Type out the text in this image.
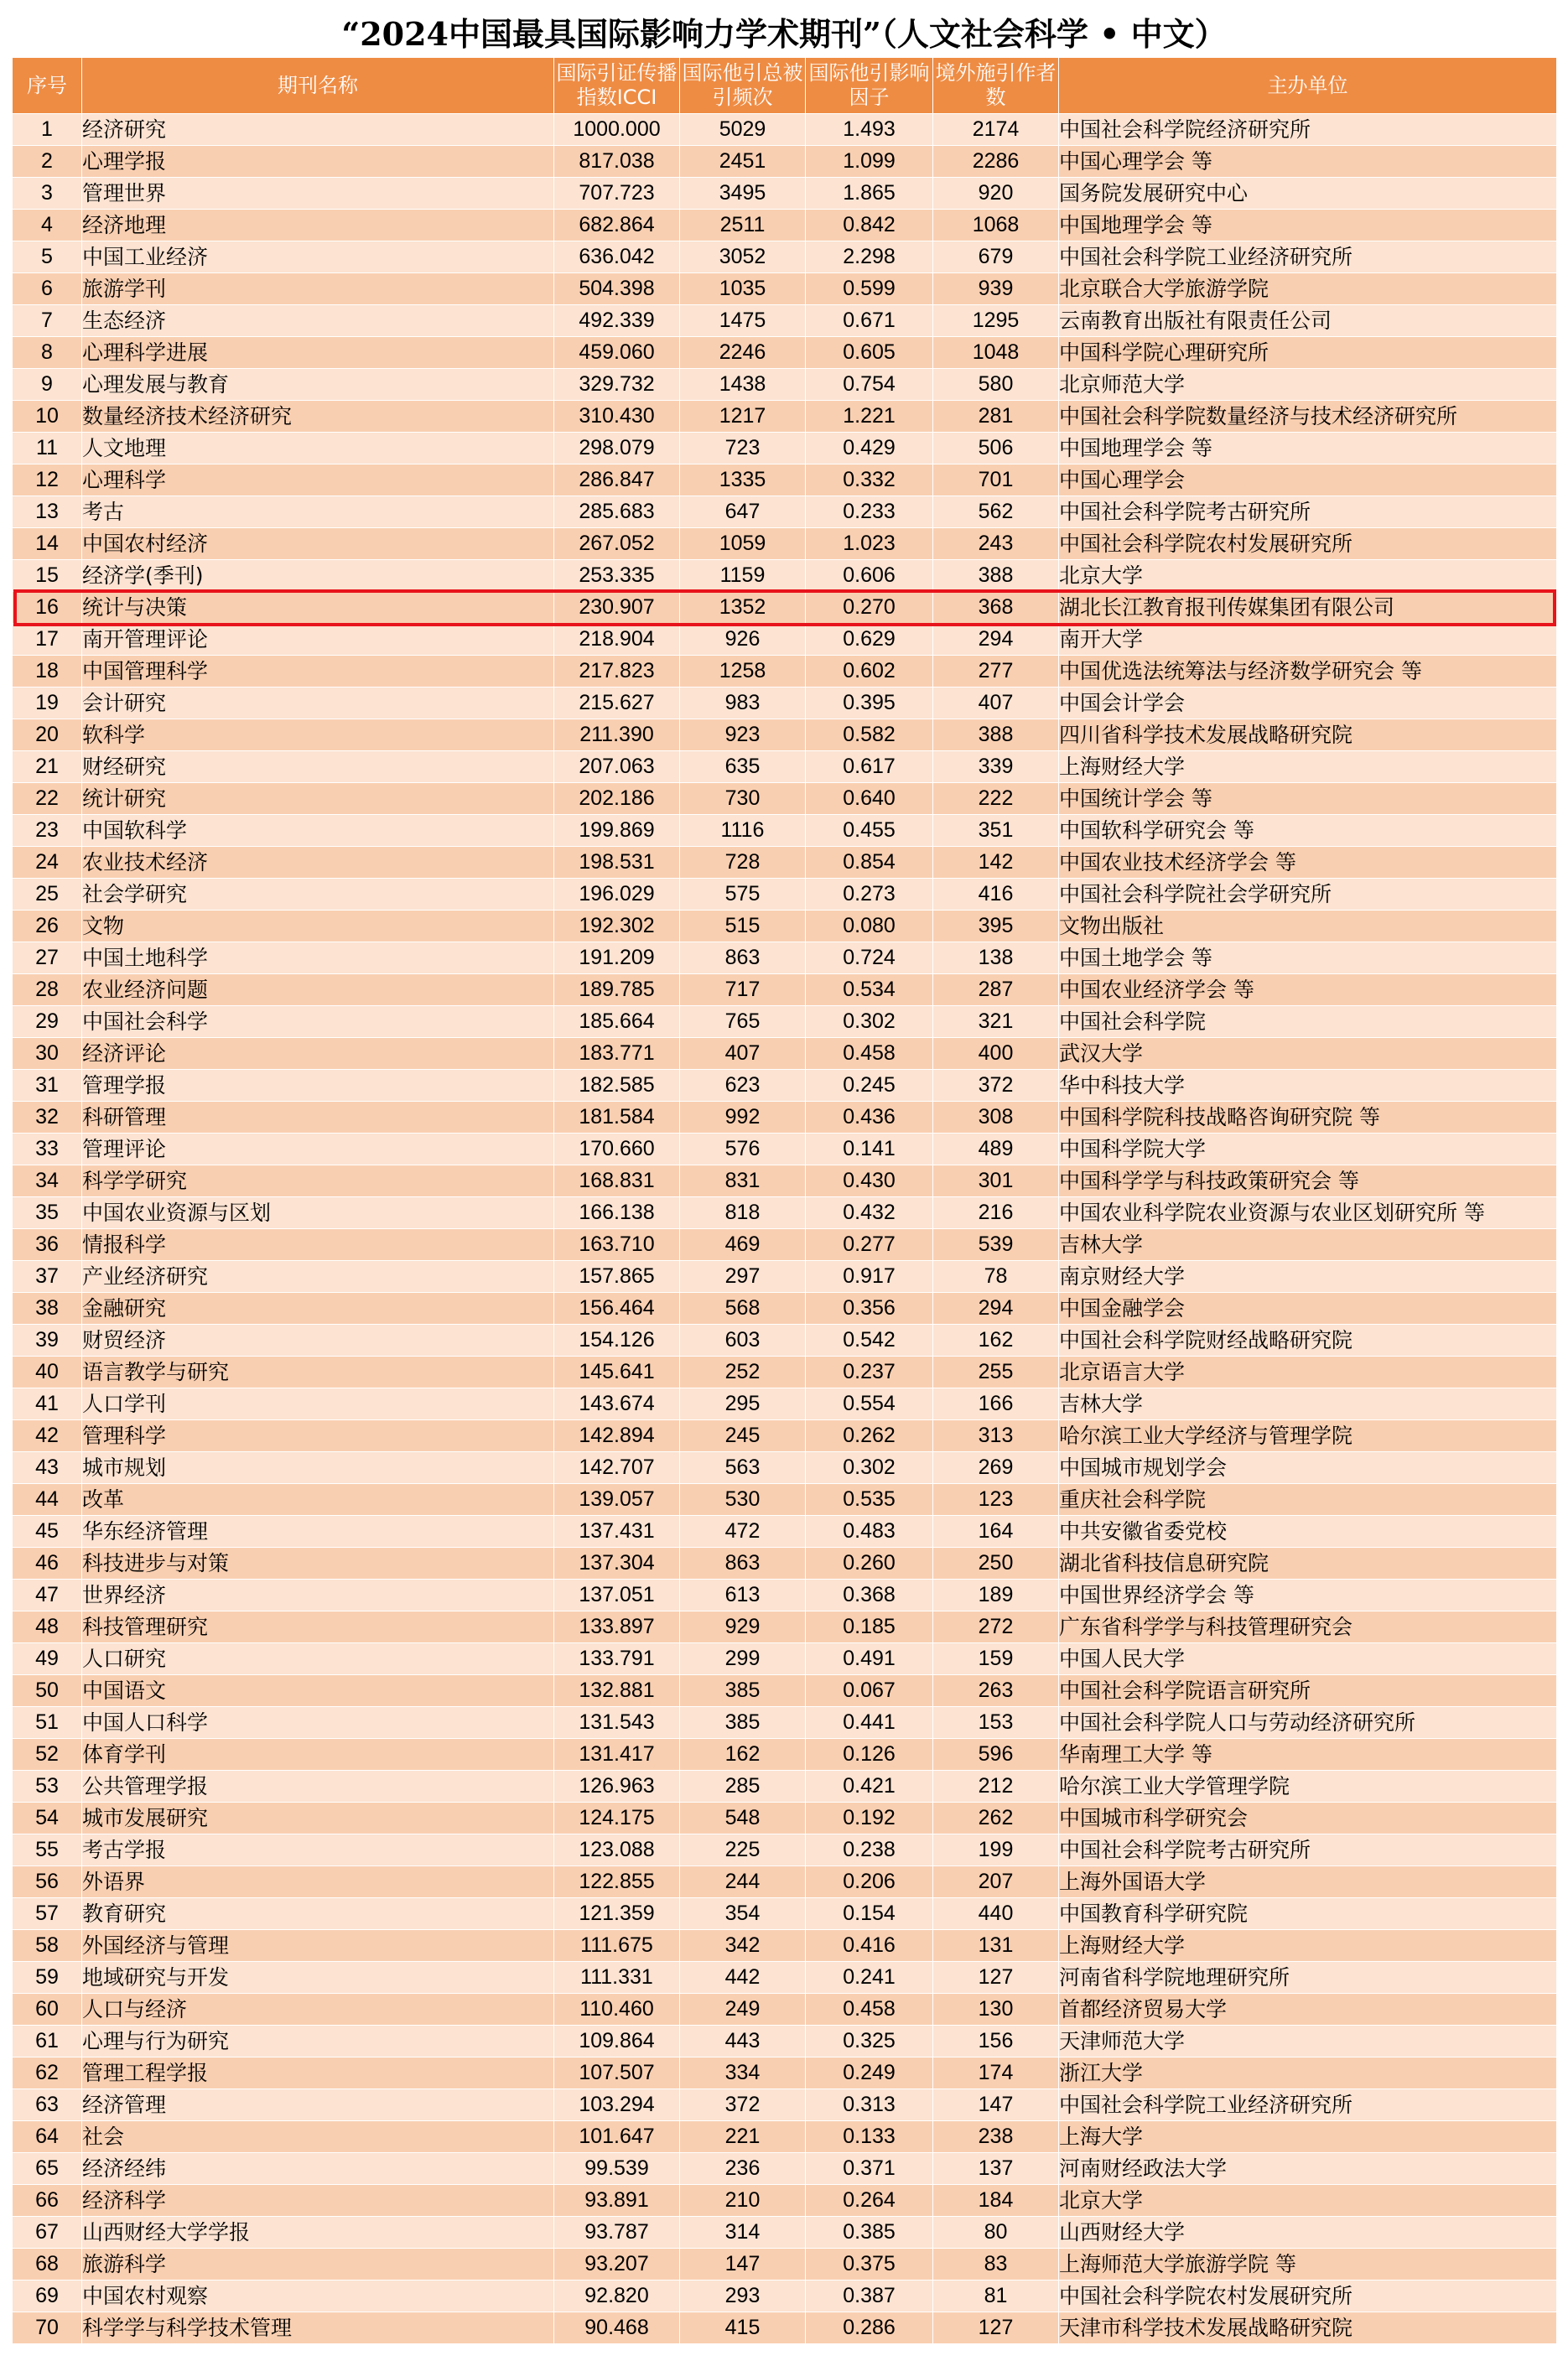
“2024中国最具国际影响力学术期刊”（人文社会科学 • 中文）
序号	期刊名称	国际引证传播指数ICCI	国际他引总被引频次	国际他引影响因子	境外施引作者数	主办单位
1	经济研究	1000.000	5029	1.493	2174	中国社会科学院经济研究所
2	心理学报	817.038	2451	1.099	2286	中国心理学会 等
3	管理世界	707.723	3495	1.865	920	国务院发展研究中心
4	经济地理	682.864	2511	0.842	1068	中国地理学会 等
5	中国工业经济	636.042	3052	2.298	679	中国社会科学院工业经济研究所
6	旅游学刊	504.398	1035	0.599	939	北京联合大学旅游学院
7	生态经济	492.339	1475	0.671	1295	云南教育出版社有限责任公司
8	心理科学进展	459.060	2246	0.605	1048	中国科学院心理研究所
9	心理发展与教育	329.732	1438	0.754	580	北京师范大学
10	数量经济技术经济研究	310.430	1217	1.221	281	中国社会科学院数量经济与技术经济研究所
11	人文地理	298.079	723	0.429	506	中国地理学会 等
12	心理科学	286.847	1335	0.332	701	中国心理学会
13	考古	285.683	647	0.233	562	中国社会科学院考古研究所
14	中国农村经济	267.052	1059	1.023	243	中国社会科学院农村发展研究所
15	经济学(季刊)	253.335	1159	0.606	388	北京大学
16	统计与决策	230.907	1352	0.270	368	湖北长江教育报刊传媒集团有限公司
17	南开管理评论	218.904	926	0.629	294	南开大学
18	中国管理科学	217.823	1258	0.602	277	中国优选法统筹法与经济数学研究会 等
19	会计研究	215.627	983	0.395	407	中国会计学会
20	软科学	211.390	923	0.582	388	四川省科学技术发展战略研究院
21	财经研究	207.063	635	0.617	339	上海财经大学
22	统计研究	202.186	730	0.640	222	中国统计学会 等
23	中国软科学	199.869	1116	0.455	351	中国软科学研究会 等
24	农业技术经济	198.531	728	0.854	142	中国农业技术经济学会 等
25	社会学研究	196.029	575	0.273	416	中国社会科学院社会学研究所
26	文物	192.302	515	0.080	395	文物出版社
27	中国土地科学	191.209	863	0.724	138	中国土地学会 等
28	农业经济问题	189.785	717	0.534	287	中国农业经济学会 等
29	中国社会科学	185.664	765	0.302	321	中国社会科学院
30	经济评论	183.771	407	0.458	400	武汉大学
31	管理学报	182.585	623	0.245	372	华中科技大学
32	科研管理	181.584	992	0.436	308	中国科学院科技战略咨询研究院 等
33	管理评论	170.660	576	0.141	489	中国科学院大学
34	科学学研究	168.831	831	0.430	301	中国科学学与科技政策研究会 等
35	中国农业资源与区划	166.138	818	0.432	216	中国农业科学院农业资源与农业区划研究所 等
36	情报科学	163.710	469	0.277	539	吉林大学
37	产业经济研究	157.865	297	0.917	78	南京财经大学
38	金融研究	156.464	568	0.356	294	中国金融学会
39	财贸经济	154.126	603	0.542	162	中国社会科学院财经战略研究院
40	语言教学与研究	145.641	252	0.237	255	北京语言大学
41	人口学刊	143.674	295	0.554	166	吉林大学
42	管理科学	142.894	245	0.262	313	哈尔滨工业大学经济与管理学院
43	城市规划	142.707	563	0.302	269	中国城市规划学会
44	改革	139.057	530	0.535	123	重庆社会科学院
45	华东经济管理	137.431	472	0.483	164	中共安徽省委党校
46	科技进步与对策	137.304	863	0.260	250	湖北省科技信息研究院
47	世界经济	137.051	613	0.368	189	中国世界经济学会 等
48	科技管理研究	133.897	929	0.185	272	广东省科学学与科技管理研究会
49	人口研究	133.791	299	0.491	159	中国人民大学
50	中国语文	132.881	385	0.067	263	中国社会科学院语言研究所
51	中国人口科学	131.543	385	0.441	153	中国社会科学院人口与劳动经济研究所
52	体育学刊	131.417	162	0.126	596	华南理工大学 等
53	公共管理学报	126.963	285	0.421	212	哈尔滨工业大学管理学院
54	城市发展研究	124.175	548	0.192	262	中国城市科学研究会
55	考古学报	123.088	225	0.238	199	中国社会科学院考古研究所
56	外语界	122.855	244	0.206	207	上海外国语大学
57	教育研究	121.359	354	0.154	440	中国教育科学研究院
58	外国经济与管理	111.675	342	0.416	131	上海财经大学
59	地域研究与开发	111.331	442	0.241	127	河南省科学院地理研究所
60	人口与经济	110.460	249	0.458	130	首都经济贸易大学
61	心理与行为研究	109.864	443	0.325	156	天津师范大学
62	管理工程学报	107.507	334	0.249	174	浙江大学
63	经济管理	103.294	372	0.313	147	中国社会科学院工业经济研究所
64	社会	101.647	221	0.133	238	上海大学
65	经济经纬	99.539	236	0.371	137	河南财经政法大学
66	经济科学	93.891	210	0.264	184	北京大学
67	山西财经大学学报	93.787	314	0.385	80	山西财经大学
68	旅游科学	93.207	147	0.375	83	上海师范大学旅游学院 等
69	中国农村观察	92.820	293	0.387	81	中国社会科学院农村发展研究所
70	科学学与科学技术管理	90.468	415	0.286	127	天津市科学技术发展战略研究院
